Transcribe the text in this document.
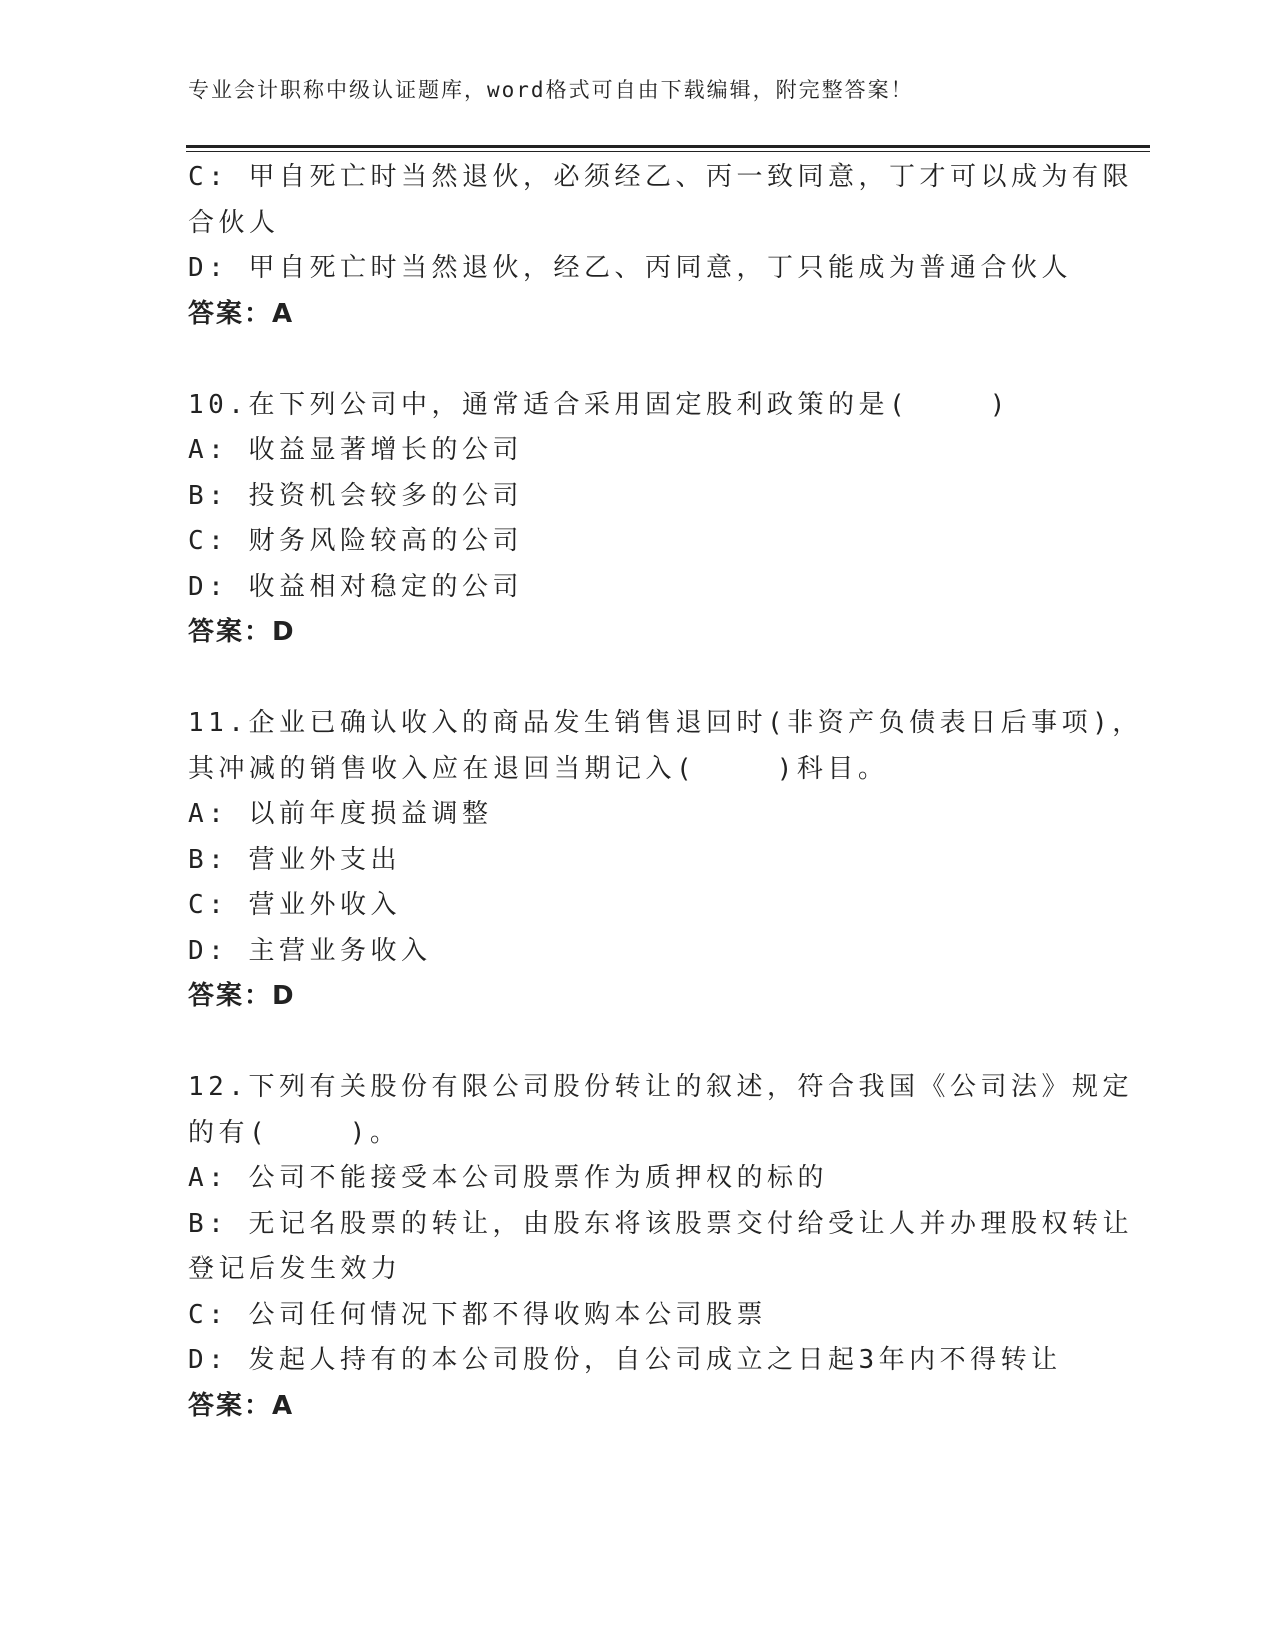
专业会计职称中级认证题库，word格式可自由下载编辑，附完整答案！
C: 甲自死亡时当然退伙，必须经乙、丙一致同意，丁才可以成为有限
合伙人
D: 甲自死亡时当然退伙，经乙、丙同意，丁只能成为普通合伙人
答案：A
10.在下列公司中，通常适合采用固定股利政策的是(    )
A: 收益显著增长的公司
B: 投资机会较多的公司
C: 财务风险较高的公司
D: 收益相对稳定的公司
答案：D
11.企业已确认收入的商品发生销售退回时(非资产负债表日后事项)，
其冲减的销售收入应在退回当期记入(    )科目。
A: 以前年度损益调整
B: 营业外支出
C: 营业外收入
D: 主营业务收入
答案：D
12.下列有关股份有限公司股份转让的叙述，符合我国《公司法》规定
的有(    )。
A: 公司不能接受本公司股票作为质押权的标的
B: 无记名股票的转让，由股东将该股票交付给受让人并办理股权转让
登记后发生效力
C: 公司任何情况下都不得收购本公司股票
D: 发起人持有的本公司股份，自公司成立之日起3年内不得转让
答案：A
